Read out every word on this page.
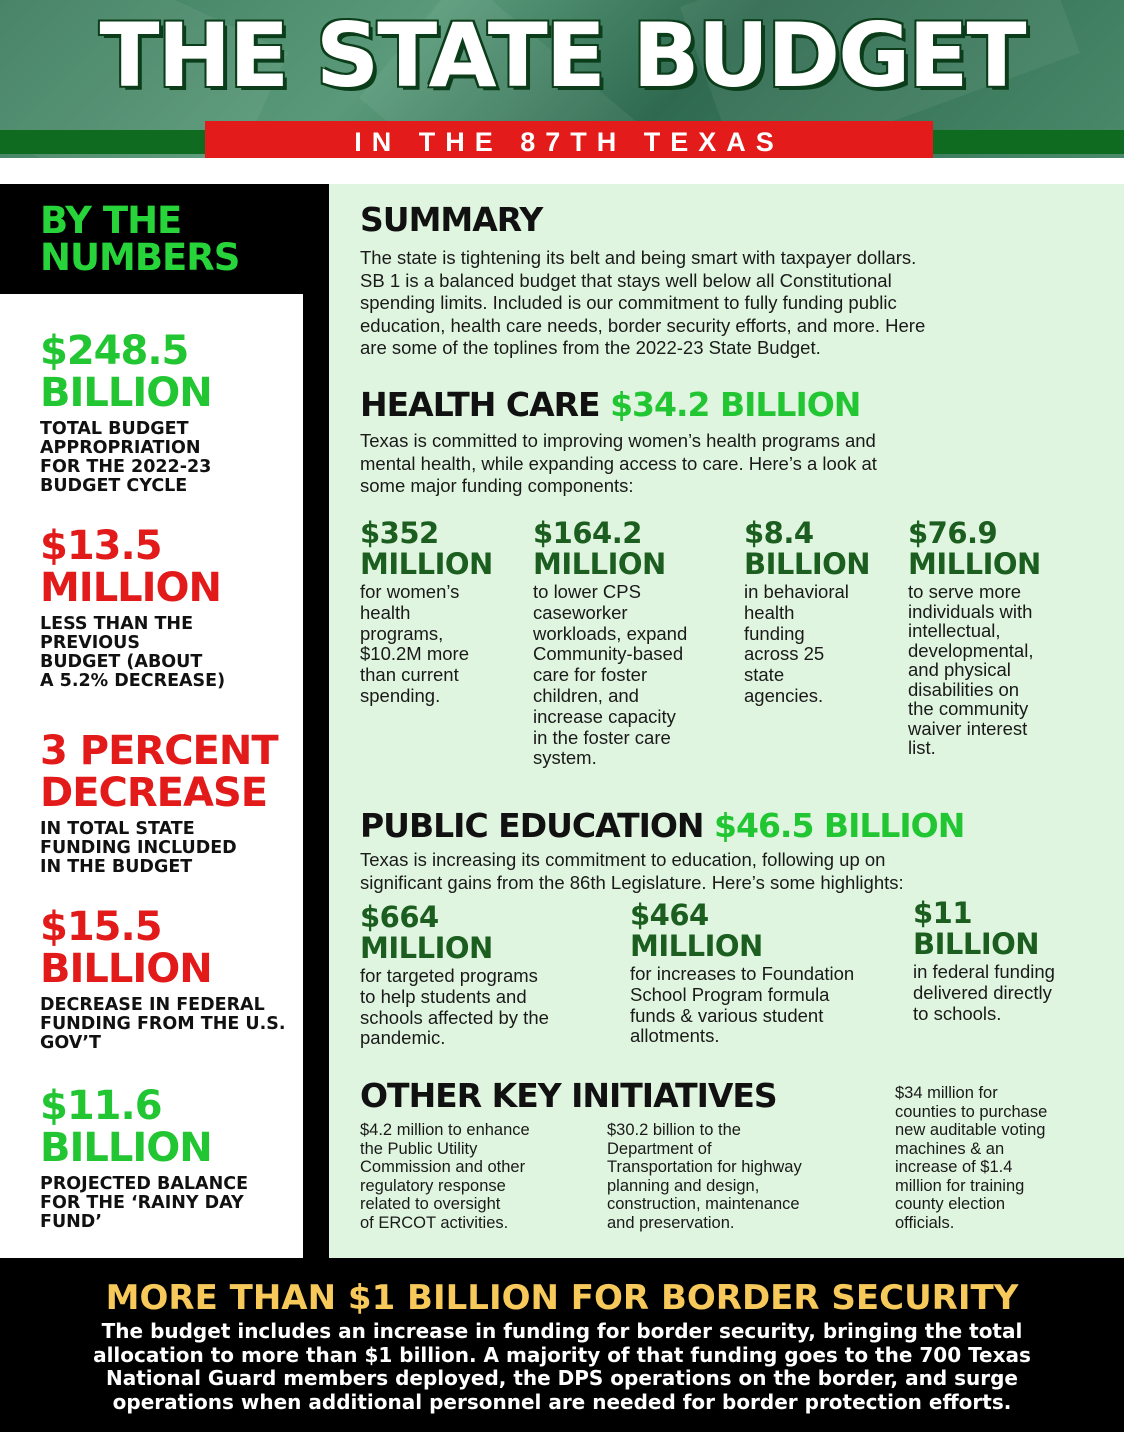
THE STATE BUDGET
IN THE 87TH TEXAS
BY THE
NUMBERS
$248.5
BILLION
TOTAL BUDGET
APPROPRIATION
FOR THE 2022-23
BUDGET CYCLE
$13.5
MILLION
LESS THAN THE
PREVIOUS
BUDGET (ABOUT
A 5.2% DECREASE)
3 PERCENT
DECREASE
IN TOTAL STATE
FUNDING INCLUDED
IN THE BUDGET
$15.5
BILLION
DECREASE IN FEDERAL
FUNDING FROM THE U.S.
GOV’T
$11.6
BILLION
PROJECTED BALANCE
FOR THE ‘RAINY DAY
FUND’
SUMMARY
The state is tightening its belt and being smart with taxpayer dollars.
SB 1 is a balanced budget that stays well below all Constitutional
spending limits. Included is our commitment to fully funding public
education, health care needs, border security efforts, and more. Here
are some of the toplines from the 2022-23 State Budget.
HEALTH CARE $34.2 BILLION
Texas is committed to improving women’s health programs and
mental health, while expanding access to care. Here’s a look at
some major funding components:
$352
MILLION
for women’s
health
programs,
$10.2M more
than current
spending.
$164.2
MILLION
to lower CPS
caseworker
workloads, expand
Community-based
care for foster
children, and
increase capacity
in the foster care
system.
$8.4
BILLION
in behavioral
health
funding
across 25
state
agencies.
$76.9
MILLION
to serve more
individuals with
intellectual,
developmental,
and physical
disabilities on
the community
waiver interest
list.
PUBLIC EDUCATION $46.5 BILLION
Texas is increasing its commitment to education, following up on
significant gains from the 86th Legislature. Here’s some highlights:
$664
MILLION
for targeted programs
to help students and
schools affected by the
pandemic.
$464
MILLION
for increases to Foundation
School Program formula
funds & various student
allotments.
$11
BILLION
in federal funding
delivered directly
to schools.
OTHER KEY INITIATIVES
$4.2 million to enhance
the Public Utility
Commission and other
regulatory response
related to oversight
of ERCOT activities.
$30.2 billion to the
Department of
Transportation for highway
planning and design,
construction, maintenance
and preservation.
$34 million for
counties to purchase
new auditable voting
machines & an
increase of $1.4
million for training
county election
officials.
MORE THAN $1 BILLION FOR BORDER SECURITY
The budget includes an increase in funding for border security, bringing the total
allocation to more than $1 billion. A majority of that funding goes to the 700 Texas
National Guard members deployed, the DPS operations on the border, and surge
operations when additional personnel are needed for border protection efforts.
